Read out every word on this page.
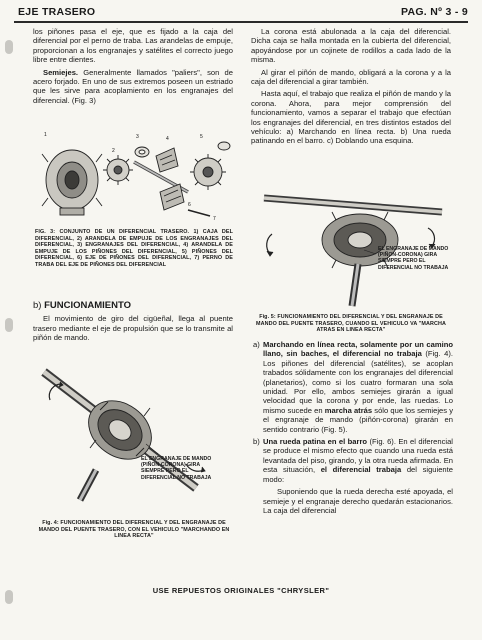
EJE TRASERO	PAG. Nº 3 - 9

los piñones pasa el eje, que es fijado a la caja del diferencial por el perno de traba. Las arandelas de empuje, proporcionan a los engranajes y satélites el correcto juego libre entre dientes.

Semiejes. Generalmente llamados "paliers", son de acero forjado. En uno de sus extremos poseen un estriado que les sirve para acoplamiento en los engranajes del diferencial. (Fig. 3)

1
2
3	4	5
6
7
FIG. 3: CONJUNTO DE UN DIFERENCIAL TRASERO. 1) CAJA DEL DIFERENCIAL, 2) ARANDELA DE EMPUJE DE LOS ENGRANAJES DEL DIFERENCIAL, 3) ENGRANAJES DEL DIFERENCIAL, 4) ARANDELA DE EMPUJE DE LOS PIÑONES DEL DIFERENCIAL, 5) PIÑONES DEL DIFERENCIAL, 6) EJE DE PIÑONES DEL DIFERENCIAL, 7) PERNO DE TRABA DEL EJE DE PIÑONES DEL DIFERENCIAL
b) FUNCIONAMIENTO

El movimiento de giro del cigüeñal, llega al puente trasero mediante el eje de propulsión que se lo transmite al piñón de mando.

EL ENGRANAJE DE MANDO (PIÑON-CORONA) GIRA SIEMPRE PERO EL DIFERENCIAL NO TRABAJA
Fig. 4: FUNCIONAMIENTO DEL DIFERENCIAL Y DEL ENGRANAJE DE MANDO DEL PUENTE TRASERO, CON EL VEHICULO "MARCHANDO EN LINEA RECTA"

La corona está abulonada a la caja del diferencial. Dicha caja se halla montada en la cubierta del diferencial, apoyándose por un cojinete de rodillos a cada lado de la misma.

Al girar el piñón de mando, obligará a la corona y a la caja del diferencial a girar también.

Hasta aquí, el trabajo que realiza el piñón de mando y la corona. Ahora, para mejor comprensión del funcionamiento, vamos a separar el trabajo que efectúan los engranajes del diferencial, en tres distintos estados del vehículo: a) Marchando en línea recta. b) Una rueda patinando en el barro. c) Doblando una esquina.

EL ENGRANAJE DE MANDO (PIÑON-CORONA) GIRA SIEMPRE PERO EL DIFERENCIAL NO TRABAJA
Fig. 5: FUNCIONAMIENTO DEL DIFERENCIAL Y DEL ENGRANAJE DE MANDO DEL PUENTE TRASERO, CUANDO EL VEHICULO VA "MARCHA ATRAS EN LINEA RECTA"

a) Marchando en línea recta, solamente por un camino llano, sin baches, el diferencial no trabaja (Fig. 4). Los piñones del diferencial (satélites), se acoplan trabados sólidamente con los engranajes del diferencial (planetarios), como si los cuatro formaran una sola unidad. Por ello, ambos semiejes girarán a igual velocidad que la corona y por ende, las ruedas. Lo mismo sucede en marcha atrás sólo que los semiejes y el engranaje de mando (piñón-corona) girarán en sentido contrario (Fig. 5).

b) Una rueda patina en el barro (Fig. 6). En el diferencial se produce el mismo efecto que cuando una rueda está levantada del piso, girando, y la otra rueda afirmada. En esta situación, el diferencial trabaja del siguiente modo:

Suponiendo que la rueda derecha esté apoyada, el semieje y el engranaje derecho quedarán estacionarios. La caja del diferencial

USE REPUESTOS ORIGINALES "CHRYSLER"
